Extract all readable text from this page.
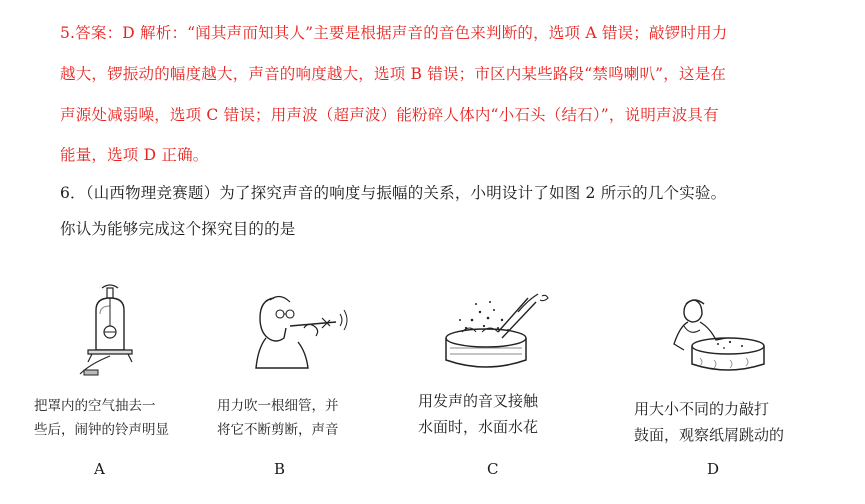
5.答案：D 解析：“闻其声而知其人”主要是根据声音的音色来判断的，选项 A 错误；敲锣时用力
越大，锣振动的幅度越大，声音的响度越大，选项 B 错误；市区内某些路段“禁鸣喇叭”，这是在
声源处减弱噪，选项 C 错误；用声波（超声波）能粉碎人体内“小石头（结石）”，说明声波具有
能量，选项 D 正确。
6．（山西物理竞赛题）为了探究声音的响度与振幅的关系，小明设计了如图 2 所示的几个实验。
你认为能够完成这个探究目的的是
把罩内的空气抽去一
些后，闹钟的铃声明显
用力吹一根细管，并
将它不断剪断，声音
用发声的音叉接触
水面时，水面水花
用大小不同的力敲打
鼓面，观察纸屑跳动的
A	B	C	D
